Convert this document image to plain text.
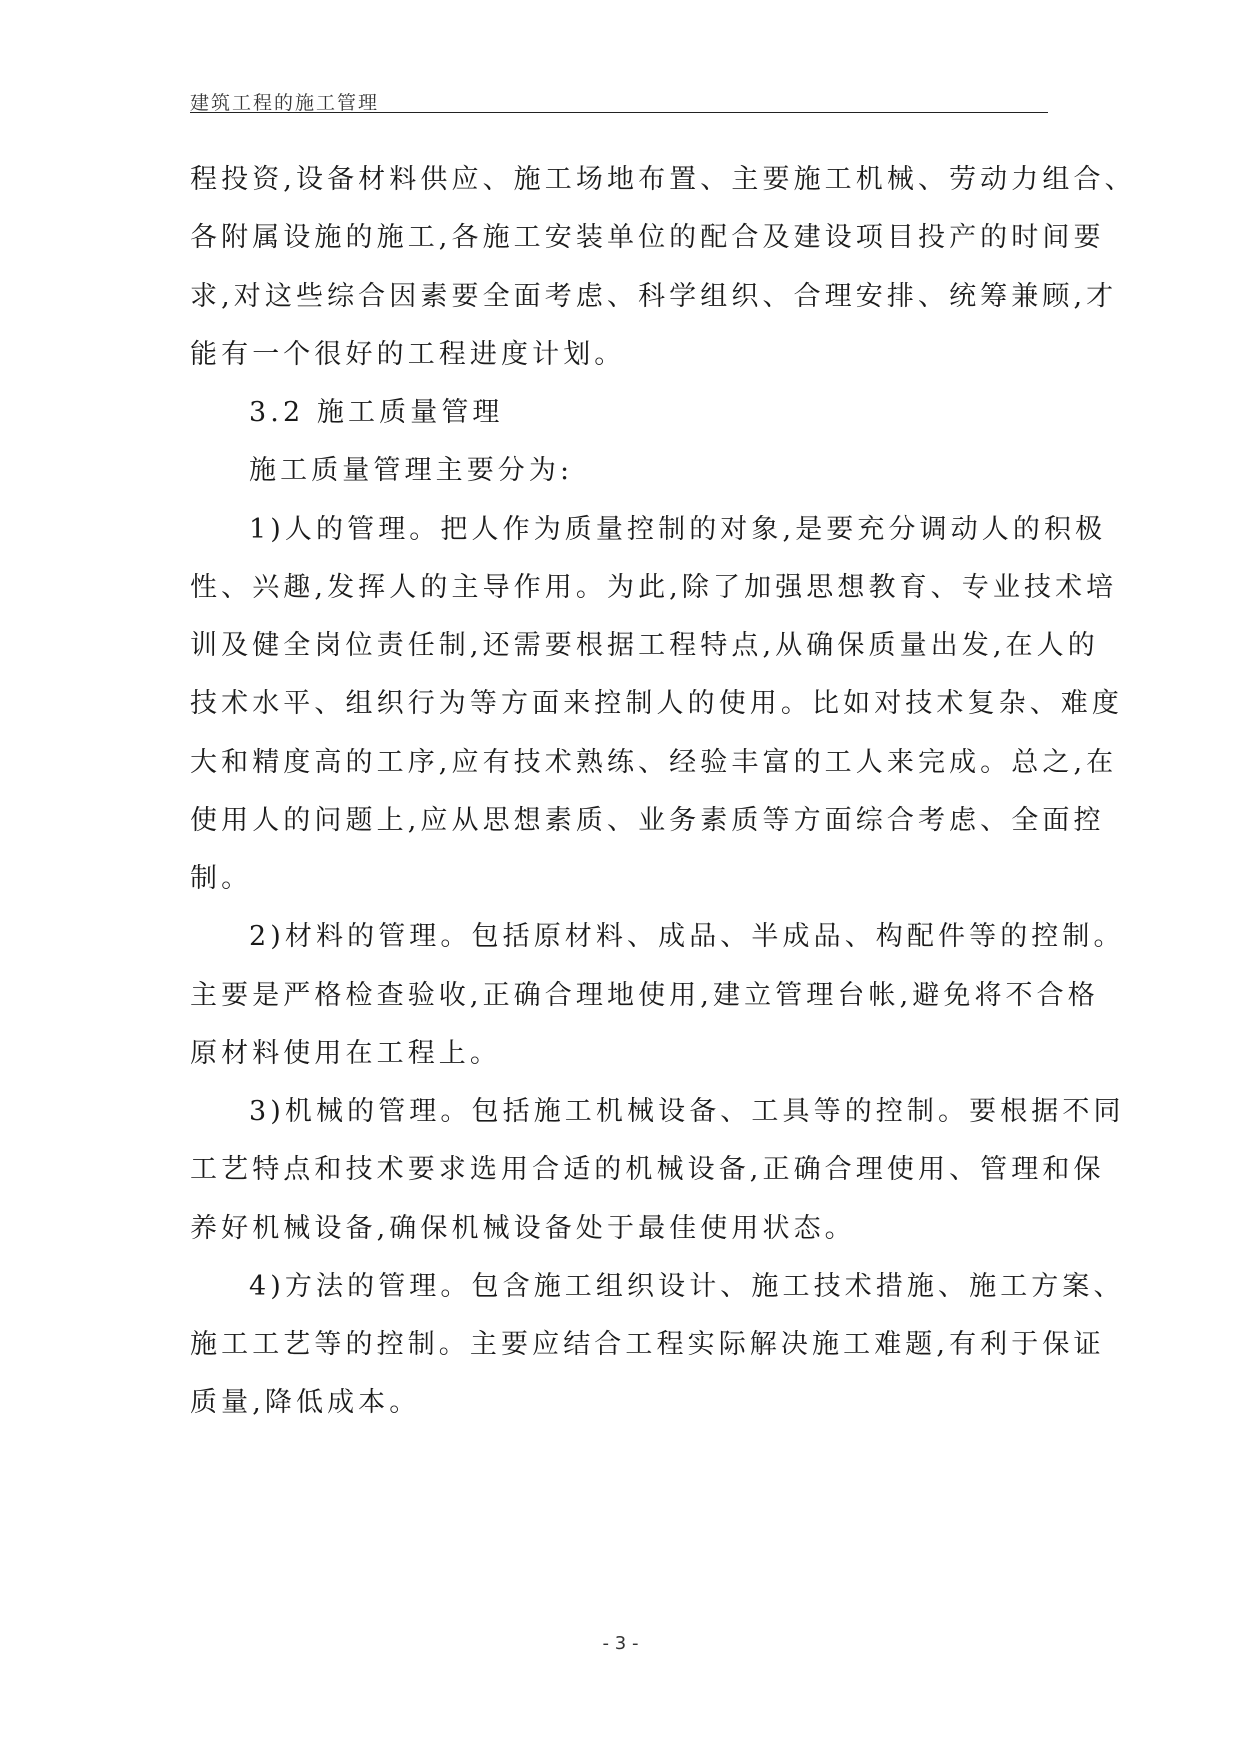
建筑工程的施工管理
程投资,设备材料供应、施工场地布置、主要施工机械、劳动力组合、
各附属设施的施工,各施工安装单位的配合及建设项目投产的时间要
求,对这些综合因素要全面考虑、科学组织、合理安排、统筹兼顾,才
能有一个很好的工程进度计划。
3.2 施工质量管理
施工质量管理主要分为:
1)人的管理。把人作为质量控制的对象,是要充分调动人的积极
性、兴趣,发挥人的主导作用。为此,除了加强思想教育、专业技术培
训及健全岗位责任制,还需要根据工程特点,从确保质量出发,在人的
技术水平、组织行为等方面来控制人的使用。比如对技术复杂、难度
大和精度高的工序,应有技术熟练、经验丰富的工人来完成。总之,在
使用人的问题上,应从思想素质、业务素质等方面综合考虑、全面控
制。
2)材料的管理。包括原材料、成品、半成品、构配件等的控制。
主要是严格检查验收,正确合理地使用,建立管理台帐,避免将不合格
原材料使用在工程上。
3)机械的管理。包括施工机械设备、工具等的控制。要根据不同
工艺特点和技术要求选用合适的机械设备,正确合理使用、管理和保
养好机械设备,确保机械设备处于最佳使用状态。
4)方法的管理。包含施工组织设计、施工技术措施、施工方案、
施工工艺等的控制。主要应结合工程实际解决施工难题,有利于保证
质量,降低成本。
- 3 -
